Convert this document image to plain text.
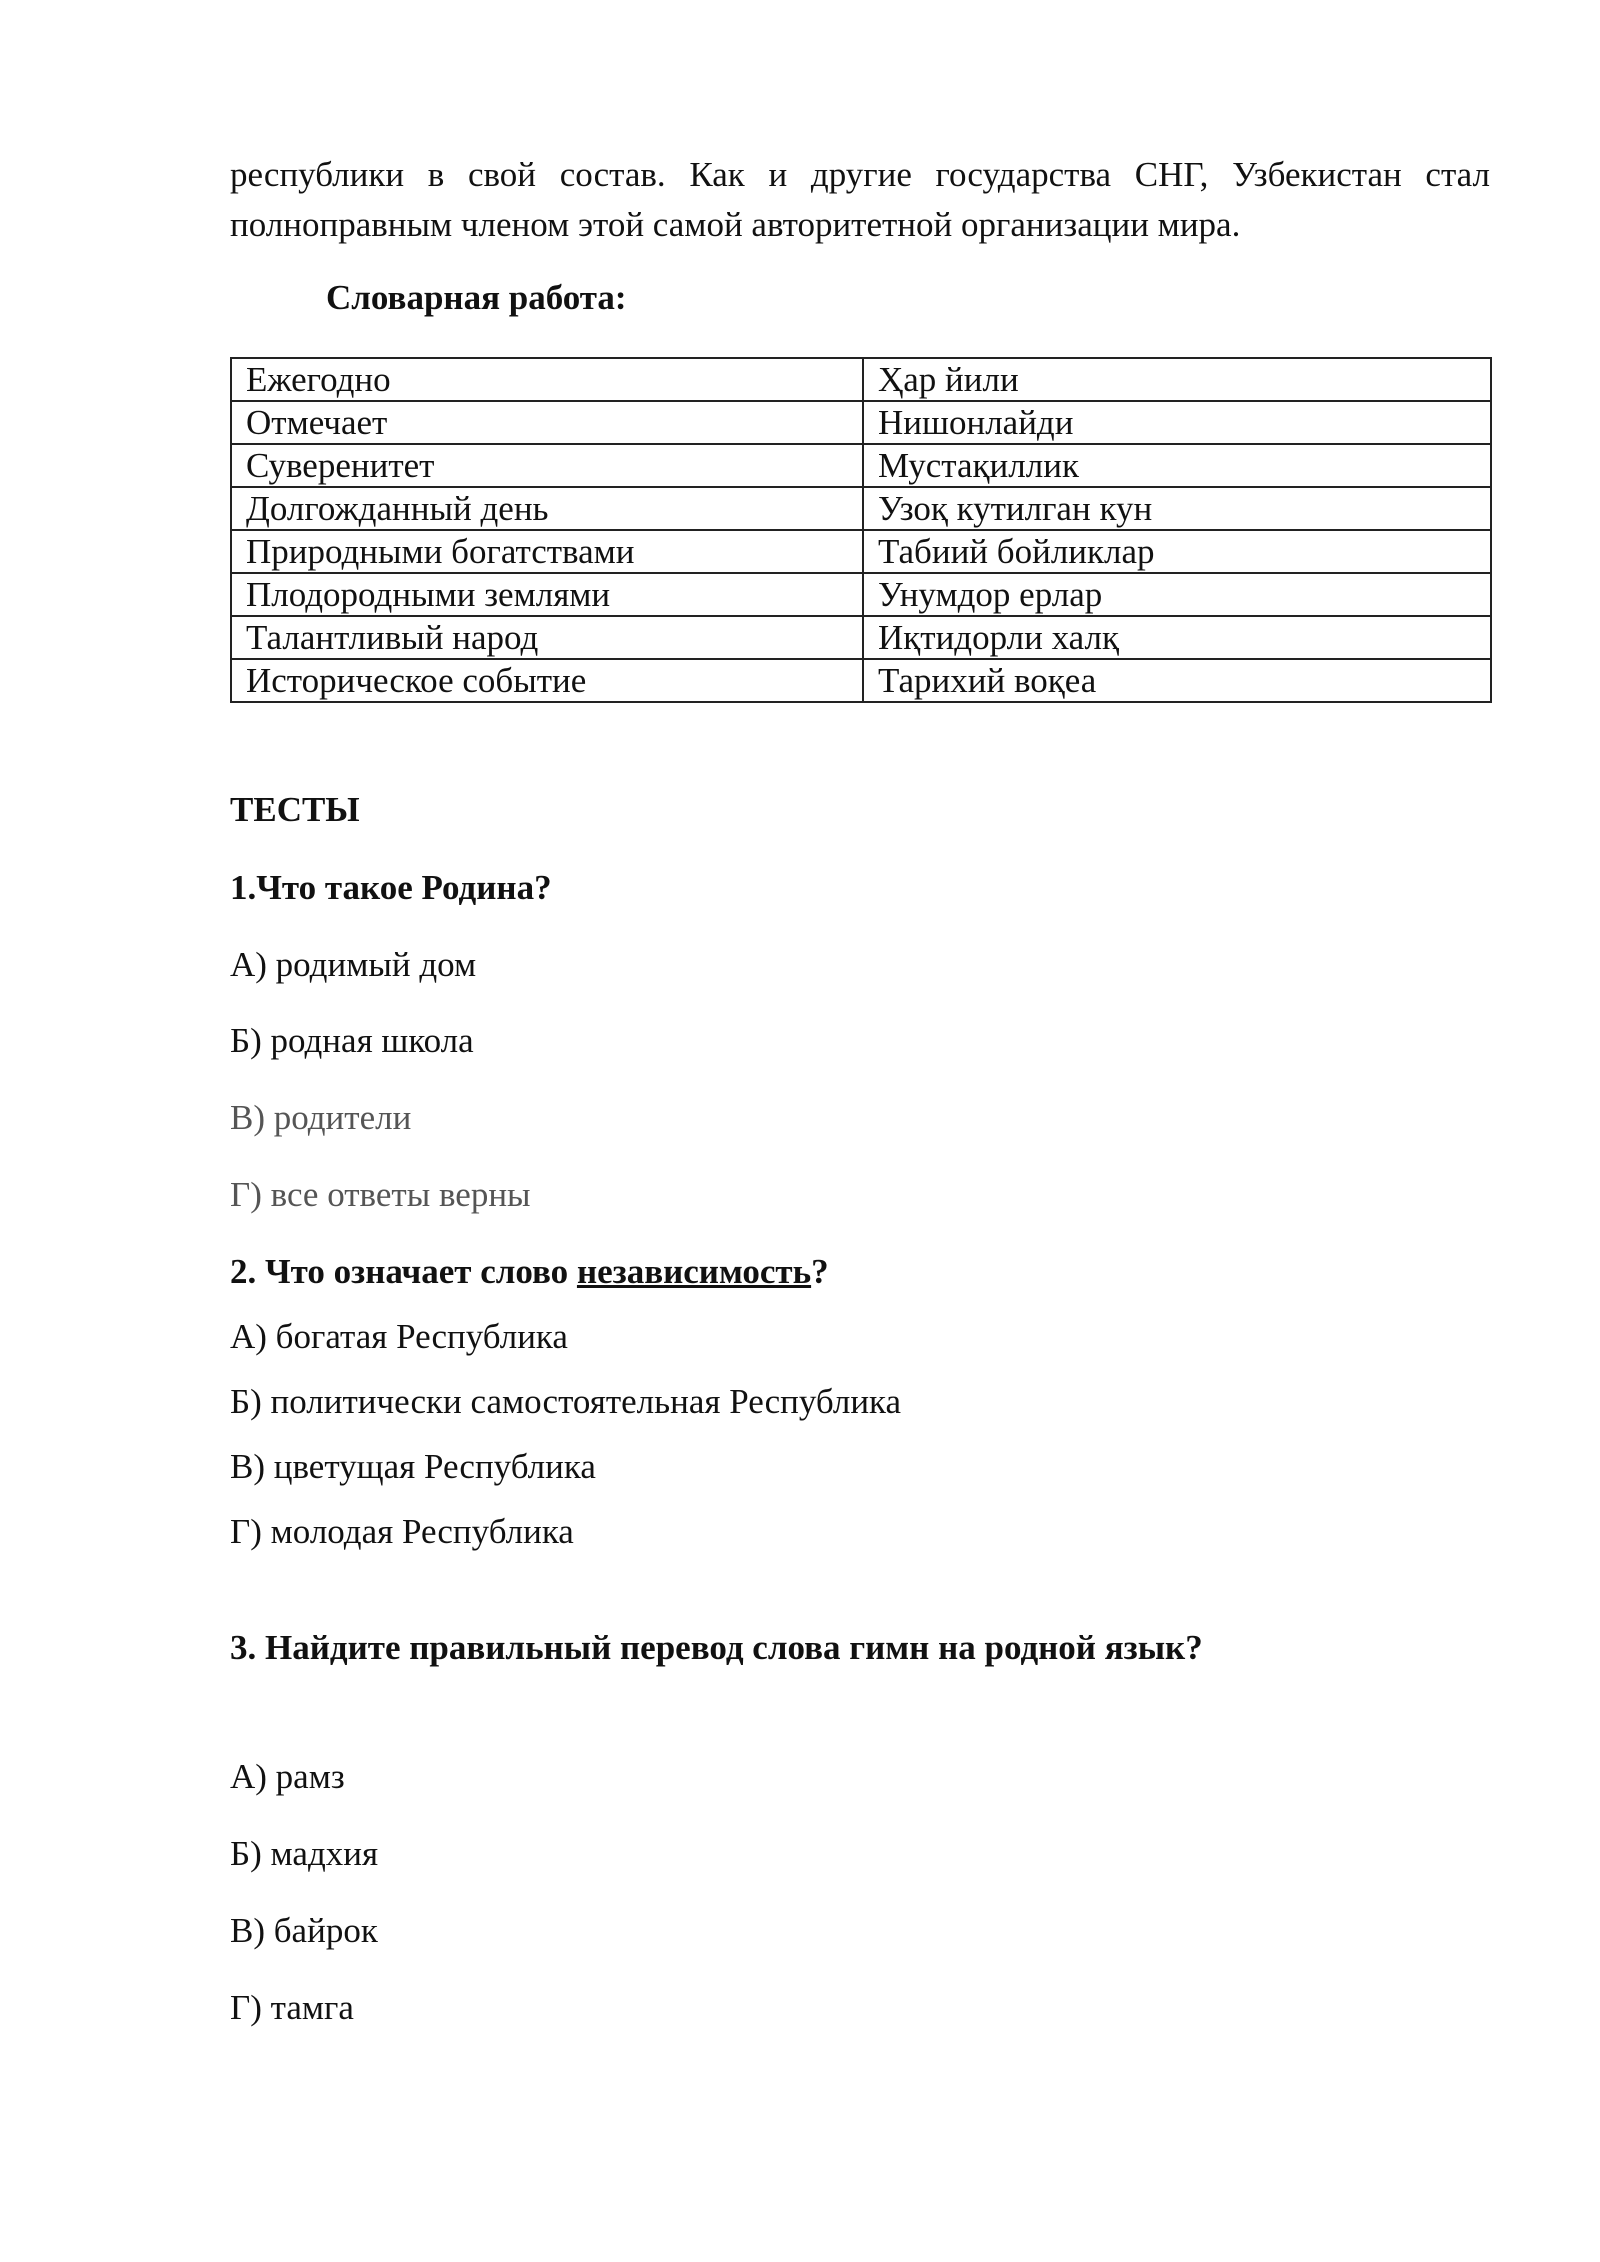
республики в свой состав. Как и другие государства СНГ, Узбекистан стал полноправным членом этой самой авторитетной организации мира.

Словарная работа:

Ежегодно	Ҳар йили
Отмечает	Нишонлайди
Суверенитет	Мустақиллик
Долгожданный день	Узоқ кутилган кун
Природными богатствами	Табиий бойликлар
Плодородными землями	Унумдор ерлар
Талантливый народ	Иқтидорли халқ
Историческое событие	Тарихий воқеа

ТЕСТЫ

1.Что такое Родина?

А) родимый дом

Б) родная школа

В) родители

Г) все ответы верны

2. Что означает слово независимость?

А) богатая Республика

Б) политически самостоятельная Республика

В) цветущая Республика

Г) молодая Республика

3. Найдите правильный перевод слова гимн на родной язык?

А) рамз

Б) мадхия

В) байрок

Г) тамга
